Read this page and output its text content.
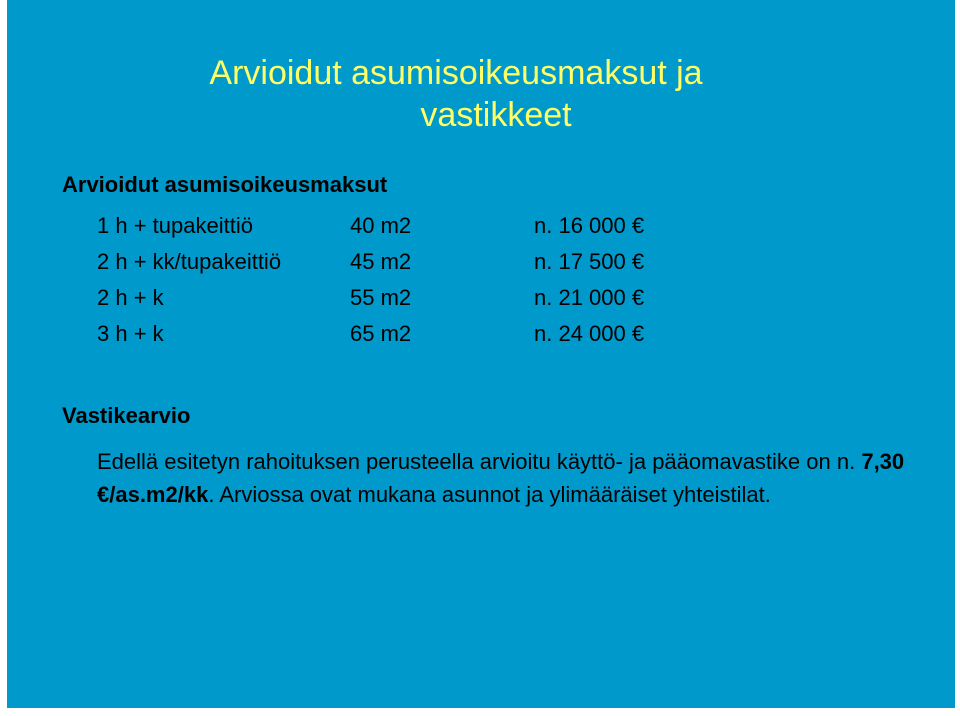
Arvioidut asumisoikeusmaksut ja
vastikkeet
Arvioidut asumisoikeusmaksut
1 h + tupakeittiö	40 m2	n. 16 000 €
2 h + kk/tupakeittiö	45 m2	n. 17 500 €
2 h + k	55 m2	n. 21 000 €
3 h + k	65 m2	n. 24 000 €
Vastikearvio
Edellä esitetyn rahoituksen perusteella arvioitu käyttö- ja pääomavastike on n. 7,30 €/as.m2/kk. Arviossa ovat mukana asunnot ja ylimääräiset yhteistilat.
